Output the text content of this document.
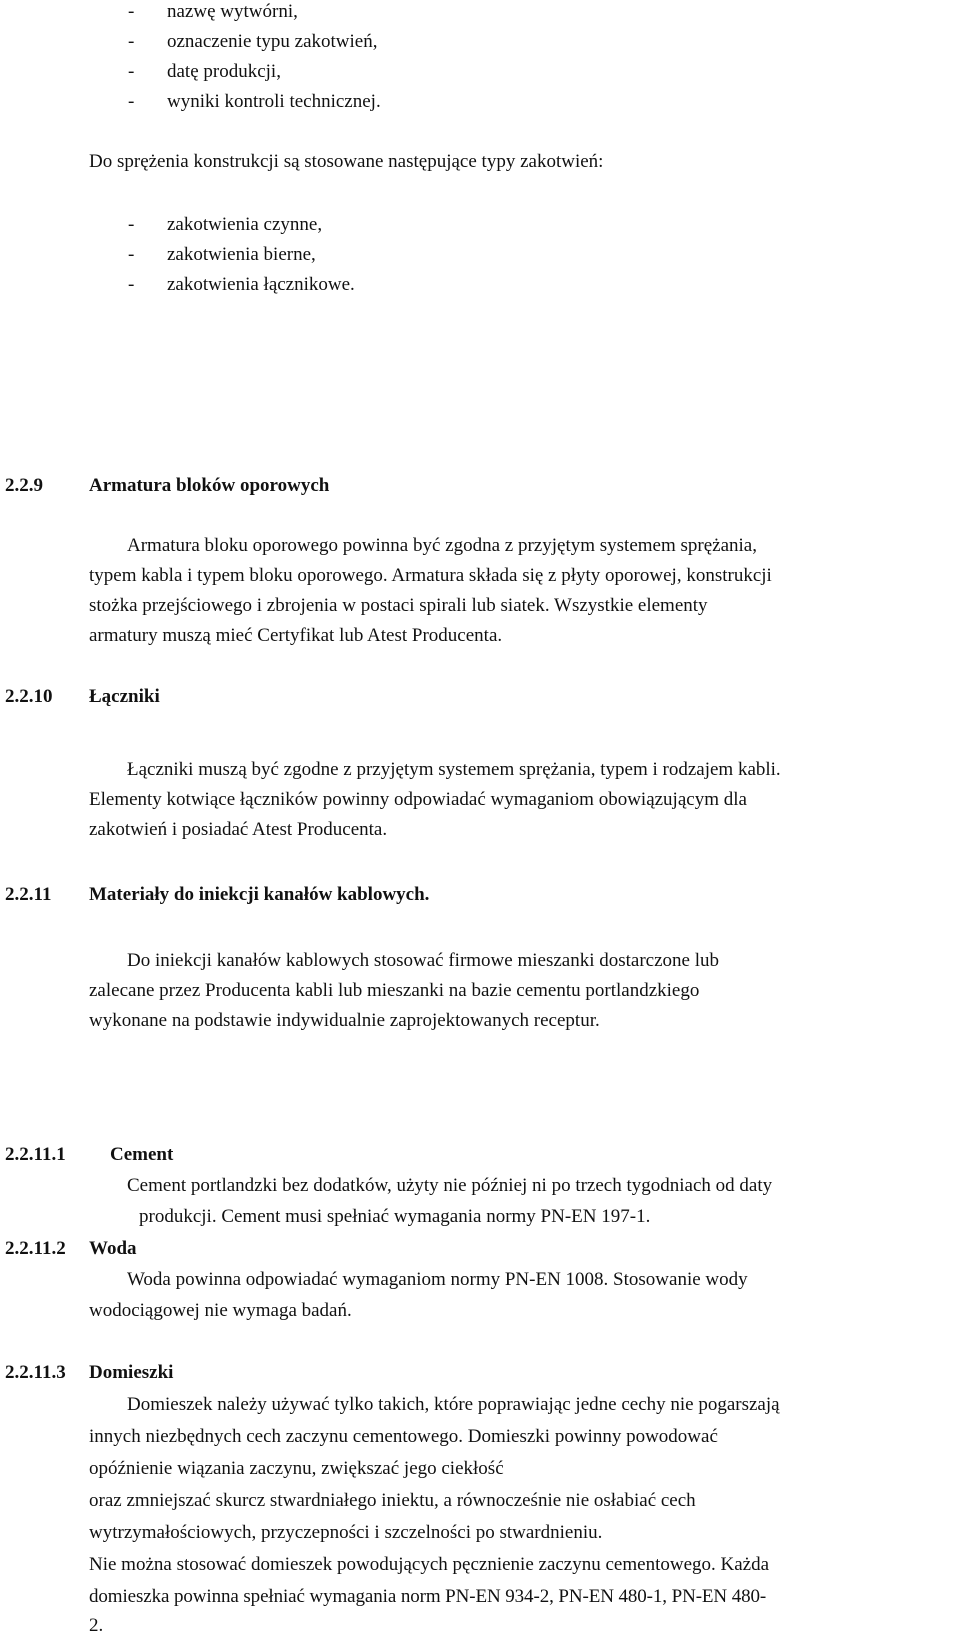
- nazwę wytwórni,
- oznaczenie typu zakotwień,
- datę produkcji,
- wyniki kontroli technicznej.
Do sprężenia konstrukcji są stosowane następujące typy zakotwień:
- zakotwienia czynne,
- zakotwienia bierne,
- zakotwienia łącznikowe.
2.2.9 Armatura bloków oporowych
Armatura bloku oporowego powinna być zgodna z przyjętym systemem sprężania,
typem kabla i typem bloku oporowego. Armatura składa się z płyty oporowej, konstrukcji
stożka przejściowego i zbrojenia w postaci spirali lub siatek. Wszystkie elementy
armatury muszą mieć Certyfikat lub Atest Producenta.
2.2.10 Łączniki
Łączniki muszą być zgodne z przyjętym systemem sprężania, typem i rodzajem kabli.
Elementy kotwiące łączników powinny odpowiadać wymaganiom obowiązującym dla
zakotwień i posiadać Atest Producenta.
2.2.11 Materiały do iniekcji kanałów kablowych.
Do iniekcji kanałów kablowych stosować firmowe mieszanki dostarczone lub
zalecane przez Producenta kabli lub mieszanki na bazie cementu portlandzkiego
wykonane na podstawie indywidualnie zaprojektowanych receptur.
2.2.11.1 Cement
Cement portlandzki bez dodatków, użyty nie później ni po trzech tygodniach od daty
produkcji. Cement musi spełniać wymagania normy PN-EN 197-1.
2.2.11.2 Woda
Woda powinna odpowiadać wymaganiom normy PN-EN 1008. Stosowanie wody
wodociągowej nie wymaga badań.
2.2.11.3 Domieszki
Domieszek należy używać tylko takich, które poprawiając jedne cechy nie pogarszają
innych niezbędnych cech zaczynu cementowego. Domieszki powinny powodować
opóźnienie wiązania zaczynu, zwiększać jego ciekłość
oraz zmniejszać skurcz stwardniałego iniektu, a równocześnie nie osłabiać cech
wytrzymałościowych, przyczepności i szczelności po stwardnieniu.
Nie można stosować domieszek powodujących pęcznienie zaczynu cementowego. Każda
domieszka powinna spełniać wymagania norm PN-EN 934-2, PN-EN 480-1, PN-EN 480-
2.
